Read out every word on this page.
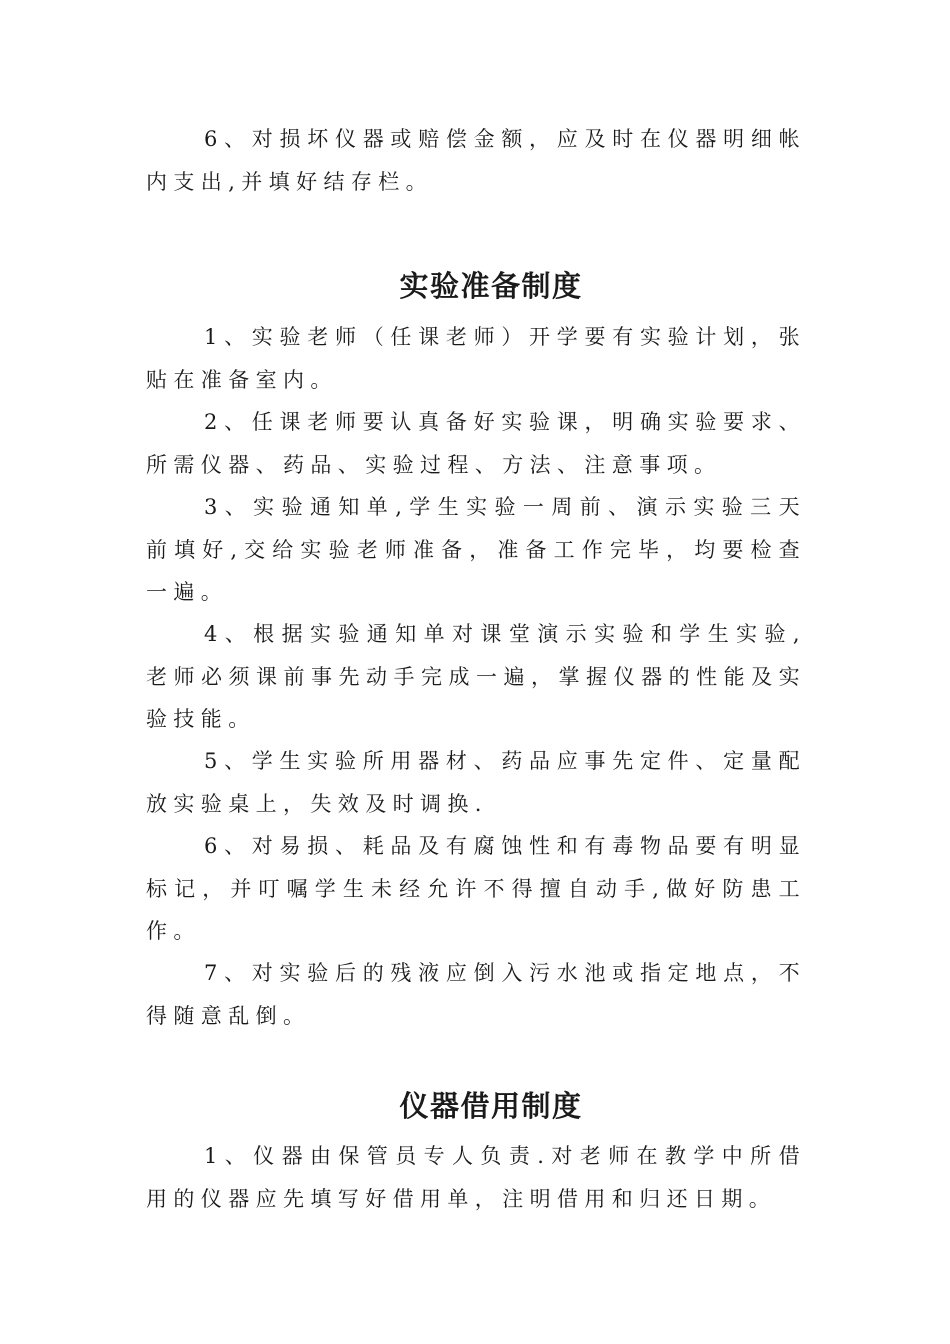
6、对损坏仪器或赔偿金额，应及时在仪器明细帐内支出,并填好结存栏。

实验准备制度

1、实验老师（任课老师）开学要有实验计划，张贴在准备室内。

2、任课老师要认真备好实验课，明确实验要求、所需仪器、药品、实验过程、方法、注意事项。

3、实验通知单,学生实验一周前、演示实验三天前填好,交给实验老师准备，准备工作完毕，均要检查一遍。

4、根据实验通知单对课堂演示实验和学生实验,老师必须课前事先动手完成一遍，掌握仪器的性能及实验技能。

5、学生实验所用器材、药品应事先定件、定量配放实验桌上，失效及时调换.

6、对易损、耗品及有腐蚀性和有毒物品要有明显标记，并叮嘱学生未经允许不得擅自动手,做好防患工作。

7、对实验后的残液应倒入污水池或指定地点，不得随意乱倒。

仪器借用制度

1、仪器由保管员专人负责.对老师在教学中所借用的仪器应先填写好借用单，注明借用和归还日期。
